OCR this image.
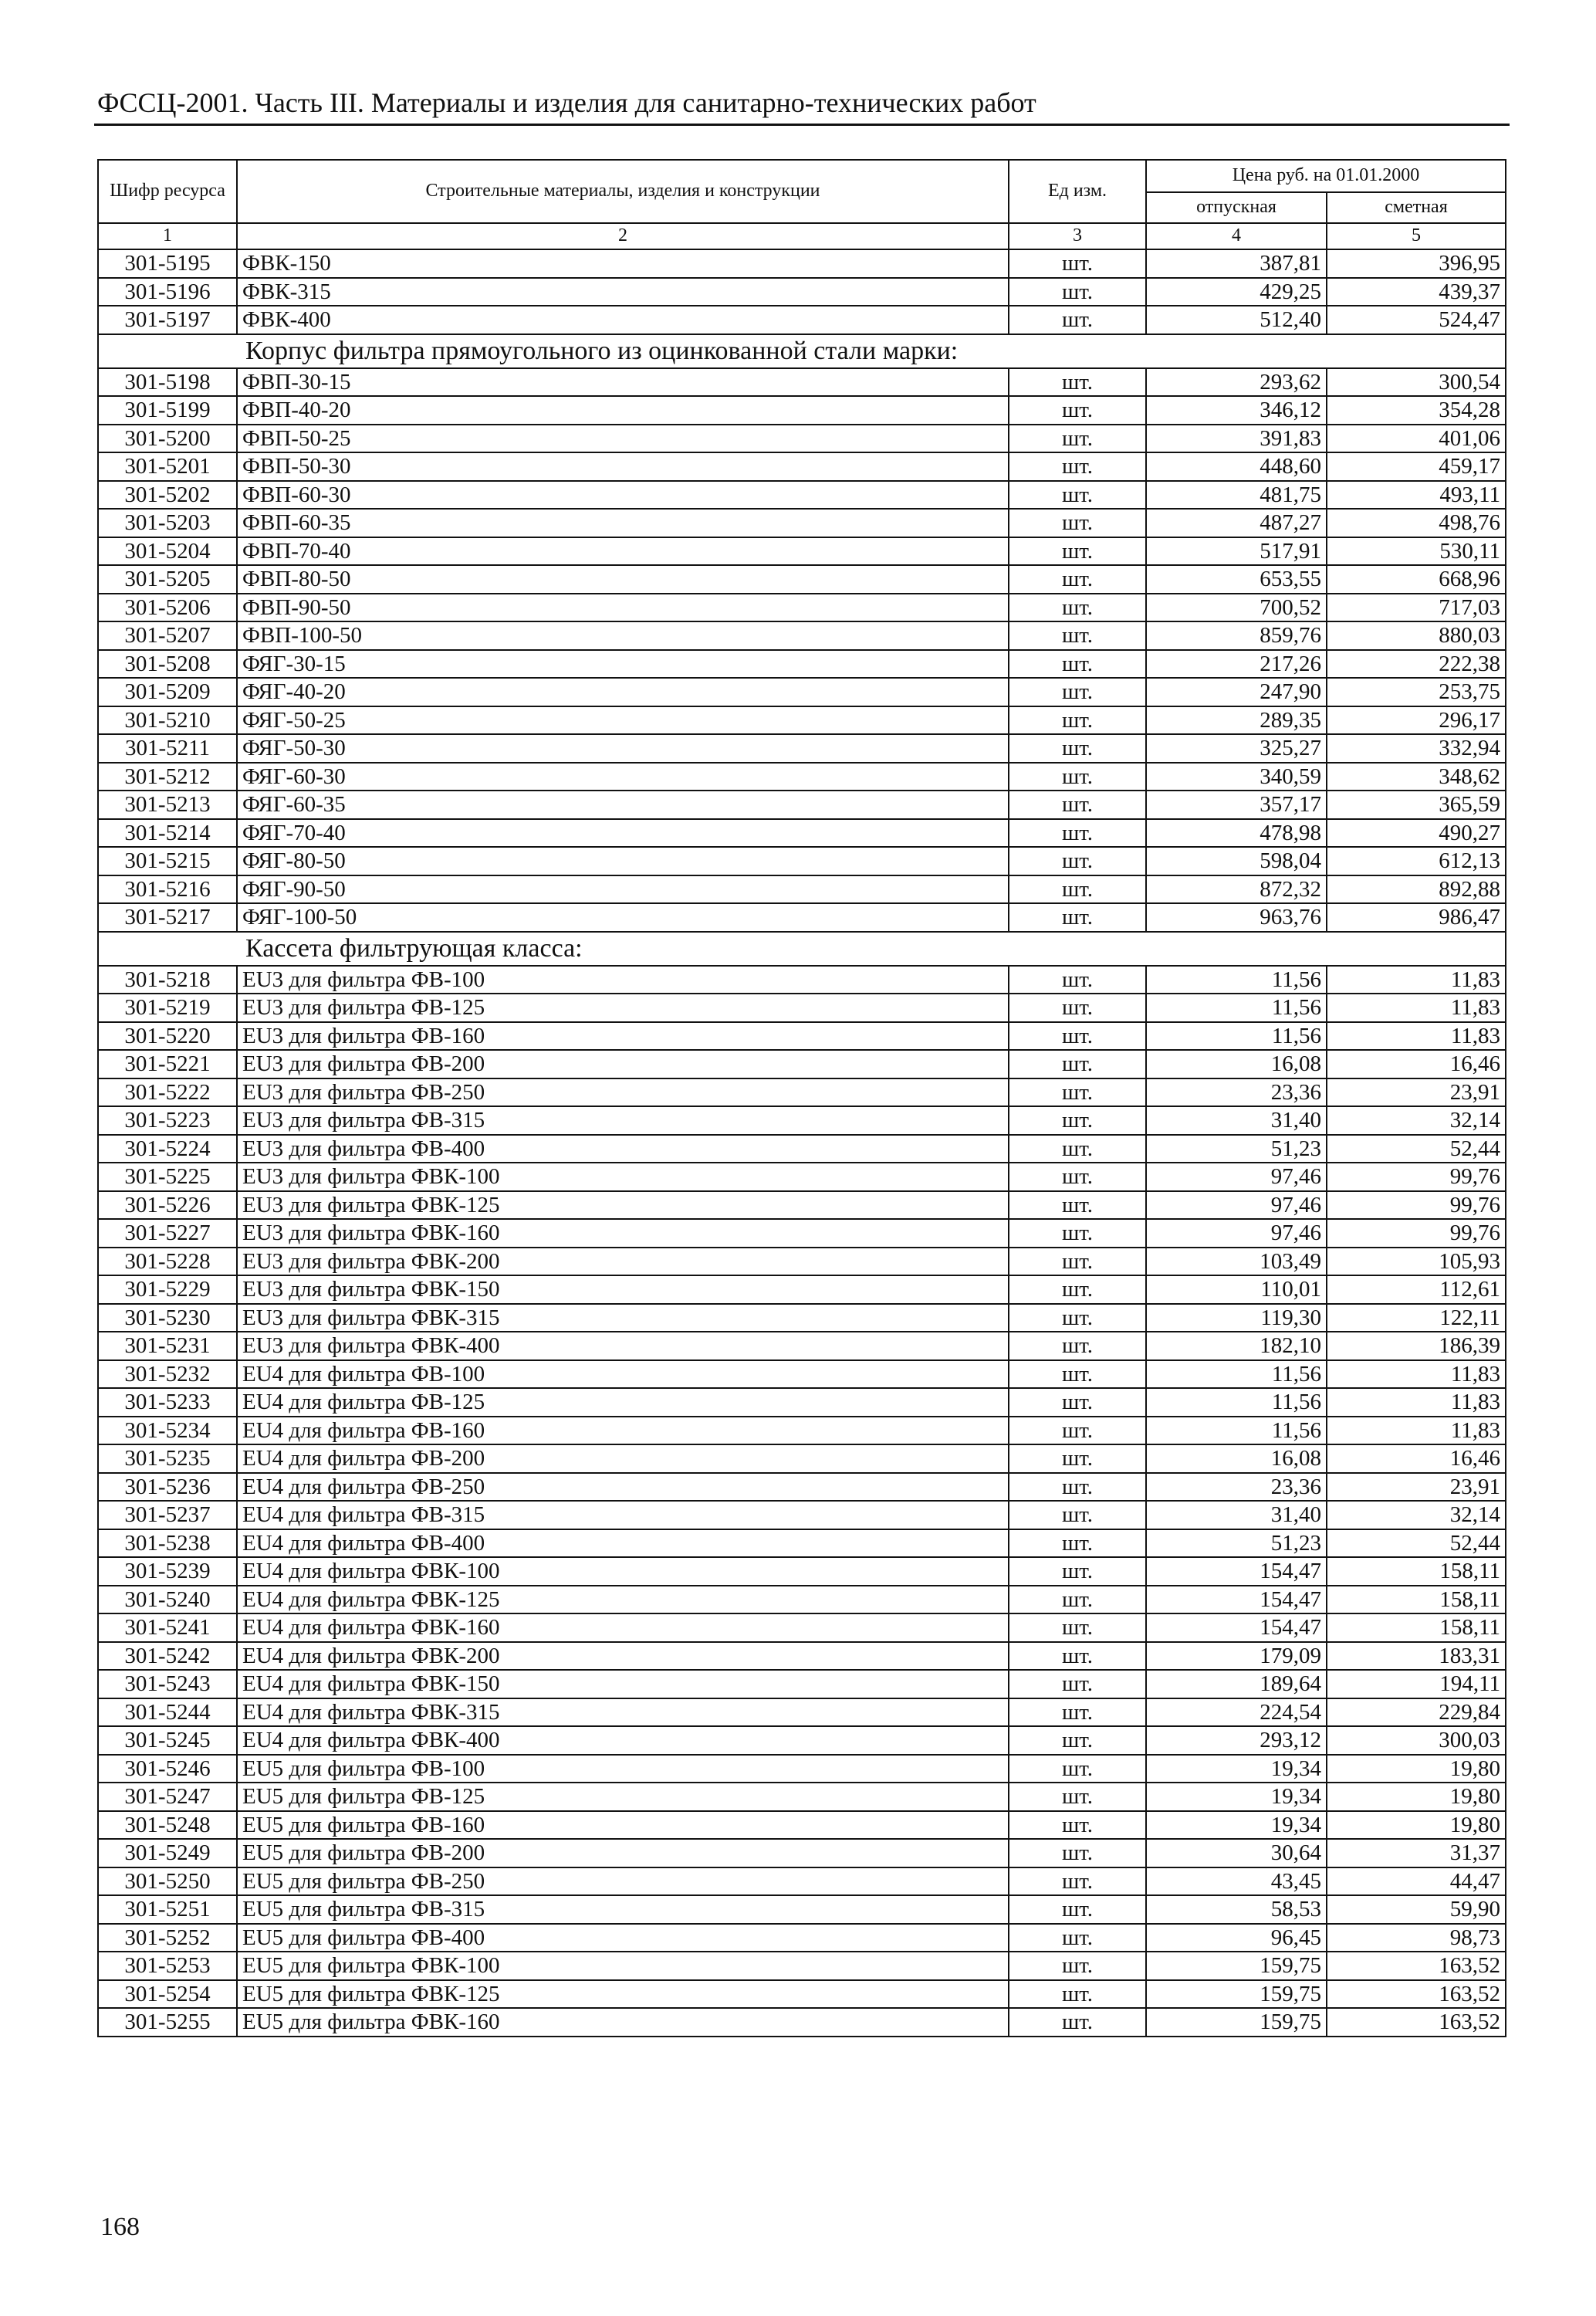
ФССЦ-2001. Часть III. Материалы и изделия для санитарно-технических работ
Шифр ресурса	Строительные материалы, изделия и конструкции	Ед изм.	Цена руб. на 01.01.2000	
			отпускная	сметная
1	2	3	4	5
301-5195	ФВК-150	шт.	387,81	396,95
301-5196	ФВК-315	шт.	429,25	439,37
301-5197	ФВК-400	шт.	512,40	524,47
Корпус фильтра прямоугольного из оцинкованной стали марки:				
301-5198	ФВП-30-15	шт.	293,62	300,54
301-5199	ФВП-40-20	шт.	346,12	354,28
301-5200	ФВП-50-25	шт.	391,83	401,06
301-5201	ФВП-50-30	шт.	448,60	459,17
301-5202	ФВП-60-30	шт.	481,75	493,11
301-5203	ФВП-60-35	шт.	487,27	498,76
301-5204	ФВП-70-40	шт.	517,91	530,11
301-5205	ФВП-80-50	шт.	653,55	668,96
301-5206	ФВП-90-50	шт.	700,52	717,03
301-5207	ФВП-100-50	шт.	859,76	880,03
301-5208	ФЯГ-30-15	шт.	217,26	222,38
301-5209	ФЯГ-40-20	шт.	247,90	253,75
301-5210	ФЯГ-50-25	шт.	289,35	296,17
301-5211	ФЯГ-50-30	шт.	325,27	332,94
301-5212	ФЯГ-60-30	шт.	340,59	348,62
301-5213	ФЯГ-60-35	шт.	357,17	365,59
301-5214	ФЯГ-70-40	шт.	478,98	490,27
301-5215	ФЯГ-80-50	шт.	598,04	612,13
301-5216	ФЯГ-90-50	шт.	872,32	892,88
301-5217	ФЯГ-100-50	шт.	963,76	986,47
Кассета фильтрующая класса:				
301-5218	EU3 для фильтра ФВ-100	шт.	11,56	11,83
301-5219	EU3 для фильтра ФВ-125	шт.	11,56	11,83
301-5220	EU3 для фильтра ФВ-160	шт.	11,56	11,83
301-5221	EU3 для фильтра ФВ-200	шт.	16,08	16,46
301-5222	EU3 для фильтра ФВ-250	шт.	23,36	23,91
301-5223	EU3 для фильтра ФВ-315	шт.	31,40	32,14
301-5224	EU3 для фильтра ФВ-400	шт.	51,23	52,44
301-5225	EU3 для фильтра ФВК-100	шт.	97,46	99,76
301-5226	EU3 для фильтра ФВК-125	шт.	97,46	99,76
301-5227	EU3 для фильтра ФВК-160	шт.	97,46	99,76
301-5228	EU3 для фильтра ФВК-200	шт.	103,49	105,93
301-5229	EU3 для фильтра ФВК-150	шт.	110,01	112,61
301-5230	EU3 для фильтра ФВК-315	шт.	119,30	122,11
301-5231	EU3 для фильтра ФВК-400	шт.	182,10	186,39
301-5232	EU4 для фильтра ФВ-100	шт.	11,56	11,83
301-5233	EU4 для фильтра ФВ-125	шт.	11,56	11,83
301-5234	EU4 для фильтра ФВ-160	шт.	11,56	11,83
301-5235	EU4 для фильтра ФВ-200	шт.	16,08	16,46
301-5236	EU4 для фильтра ФВ-250	шт.	23,36	23,91
301-5237	EU4 для фильтра ФВ-315	шт.	31,40	32,14
301-5238	EU4 для фильтра ФВ-400	шт.	51,23	52,44
301-5239	EU4 для фильтра ФВК-100	шт.	154,47	158,11
301-5240	EU4 для фильтра ФВК-125	шт.	154,47	158,11
301-5241	EU4 для фильтра ФВК-160	шт.	154,47	158,11
301-5242	EU4 для фильтра ФВК-200	шт.	179,09	183,31
301-5243	EU4 для фильтра ФВК-150	шт.	189,64	194,11
301-5244	EU4 для фильтра ФВК-315	шт.	224,54	229,84
301-5245	EU4 для фильтра ФВК-400	шт.	293,12	300,03
301-5246	EU5 для фильтра ФВ-100	шт.	19,34	19,80
301-5247	EU5 для фильтра ФВ-125	шт.	19,34	19,80
301-5248	EU5 для фильтра ФВ-160	шт.	19,34	19,80
301-5249	EU5 для фильтра ФВ-200	шт.	30,64	31,37
301-5250	EU5 для фильтра ФВ-250	шт.	43,45	44,47
301-5251	EU5 для фильтра ФВ-315	шт.	58,53	59,90
301-5252	EU5 для фильтра ФВ-400	шт.	96,45	98,73
301-5253	EU5 для фильтра ФВК-100	шт.	159,75	163,52
301-5254	EU5 для фильтра ФВК-125	шт.	159,75	163,52
301-5255	EU5 для фильтра ФВК-160	шт.	159,75	163,52
168
